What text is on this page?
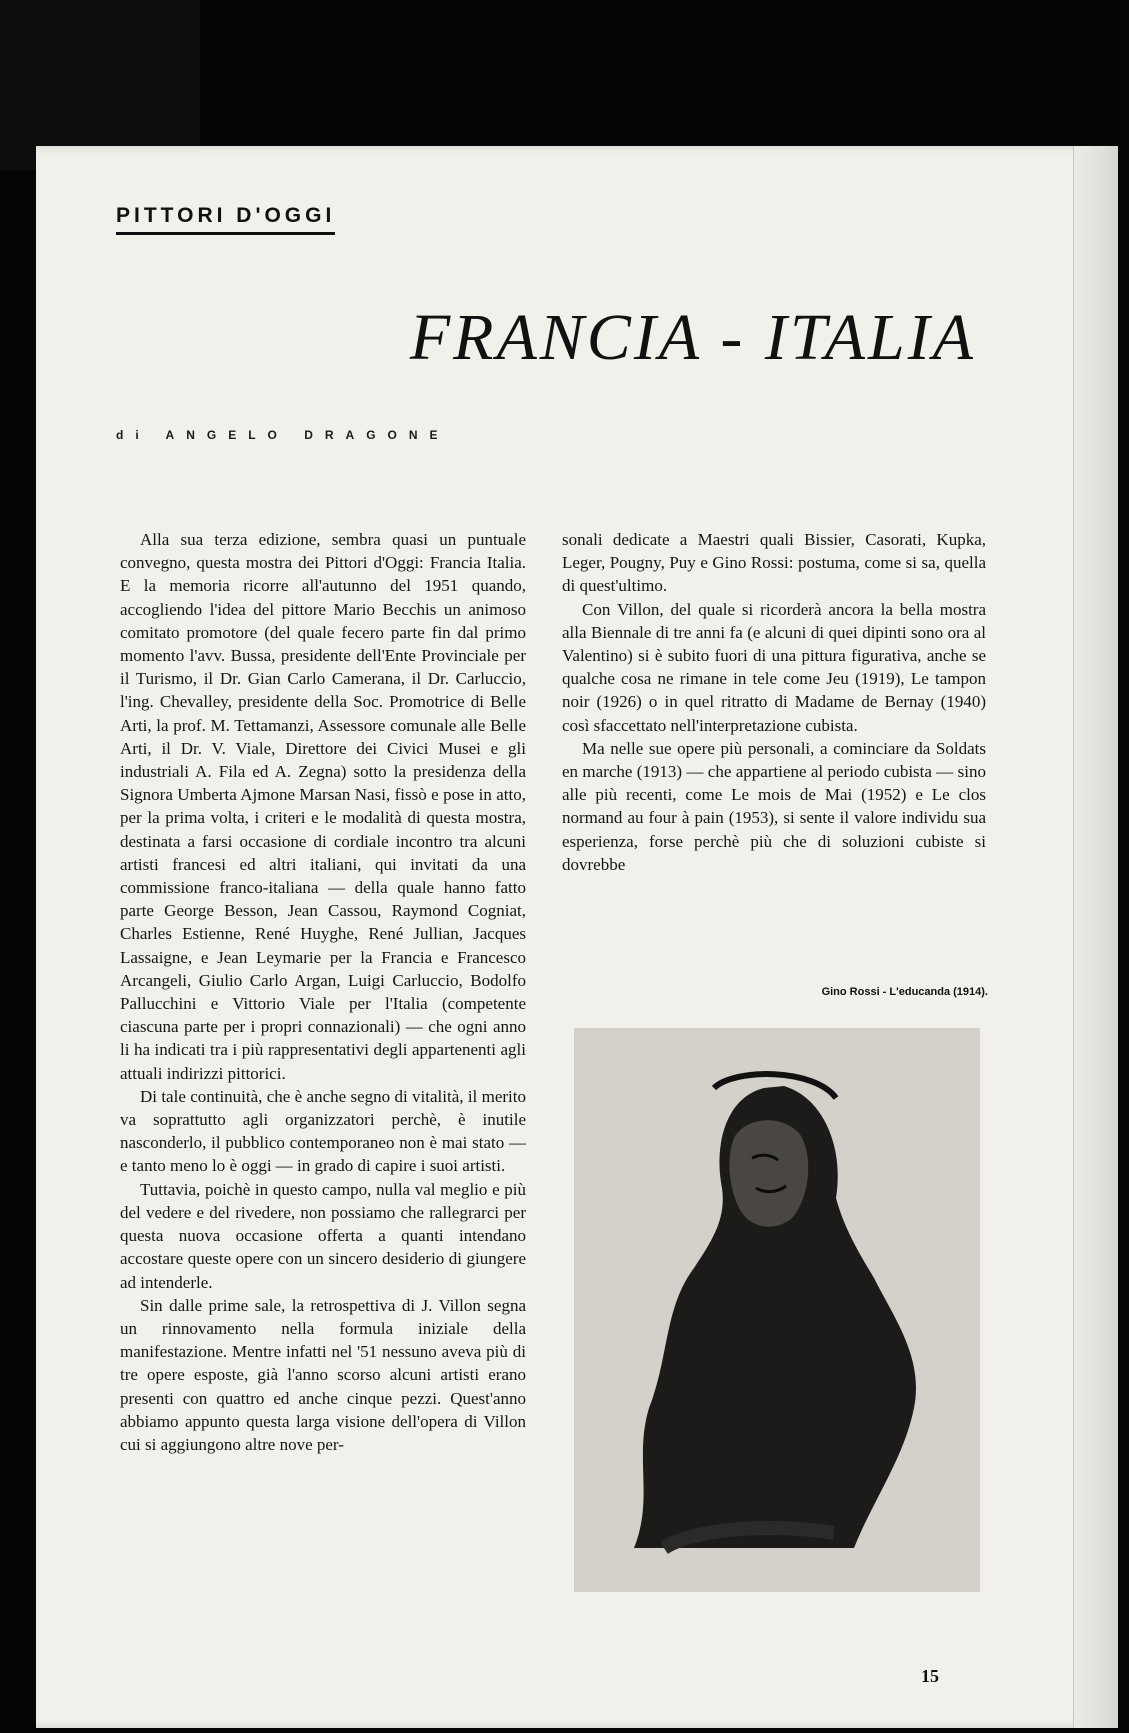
PITTORI D'OGGI
FRANCIA - ITALIA
di ANGELO DRAGONE

Alla sua terza edizione, sembra quasi un puntuale convegno, questa mostra dei Pittori d'Oggi: Francia Italia. E la memoria ricorre all'autunno del 1951 quando, accogliendo l'idea del pittore Mario Becchis un animoso comitato promotore (del quale fecero parte fin dal primo momento l'avv. Bussa, presidente dell'Ente Provinciale per il Turismo, il Dr. Gian Carlo Camerana, il Dr. Carluccio, l'ing. Chevalley, presidente della Soc. Promotrice di Belle Arti, la prof. M. Tettamanzi, Assessore comunale alle Belle Arti, il Dr. V. Viale, Direttore dei Civici Musei e gli industriali A. Fila ed A. Zegna) sotto la presidenza della Signora Umberta Ajmone Marsan Nasi, fissò e pose in atto, per la prima volta, i criteri e le modalità di questa mostra, destinata a farsi occasione di cordiale incontro tra alcuni artisti francesi ed altri italiani, qui invitati da una commissione franco-italiana — della quale hanno fatto parte George Besson, Jean Cassou, Raymond Cogniat, Charles Estienne, René Huyghe, René Jullian, Jacques Lassaigne, e Jean Leymarie per la Francia e Francesco Arcangeli, Giulio Carlo Argan, Luigi Carluccio, Bodolfo Pallucchini e Vittorio Viale per l'Italia (competente ciascuna parte per i propri connazionali) — che ogni anno li ha indicati tra i più rappresentativi degli appartenenti agli attuali indirizzi pittorici.

Di tale continuità, che è anche segno di vitalità, il merito va soprattutto agli organizzatori perchè, è inutile nasconderlo, il pubblico contemporaneo non è mai stato — e tanto meno lo è oggi — in grado di capire i suoi artisti.

Tuttavia, poichè in questo campo, nulla val meglio e più del vedere e del rivedere, non possiamo che rallegrarci per questa nuova occasione offerta a quanti intendano accostare queste opere con un sincero desiderio di giungere ad intenderle.

Sin dalle prime sale, la retrospettiva di J. Villon segna un rinnovamento nella formula iniziale della manifestazione. Mentre infatti nel '51 nessuno aveva più di tre opere esposte, già l'anno scorso alcuni artisti erano presenti con quattro ed anche cinque pezzi. Quest'anno abbiamo appunto questa larga visione dell'opera di Villon cui si aggiungono altre nove per-

sonali dedicate a Maestri quali Bissier, Casorati, Kupka, Leger, Pougny, Puy e Gino Rossi: postuma, come si sa, quella di quest'ultimo.

Con Villon, del quale si ricorderà ancora la bella mostra alla Biennale di tre anni fa (e alcuni di quei dipinti sono ora al Valentino) si è subito fuori di una pittura figurativa, anche se qualche cosa ne rimane in tele come Jeu (1919), Le tampon noir (1926) o in quel ritratto di Madame de Bernay (1940) così sfaccettato nell'interpretazione cubista.

Ma nelle sue opere più personali, a cominciare da Soldats en marche (1913) — che appartiene al periodo cubista — sino alle più recenti, come Le mois de Mai (1952) e Le clos normand au four à pain (1953), si sente il valore individu sua esperienza, forse perchè più che di soluzioni cubiste si dovrebbe

Gino Rossi - L'educanda (1914).
15
